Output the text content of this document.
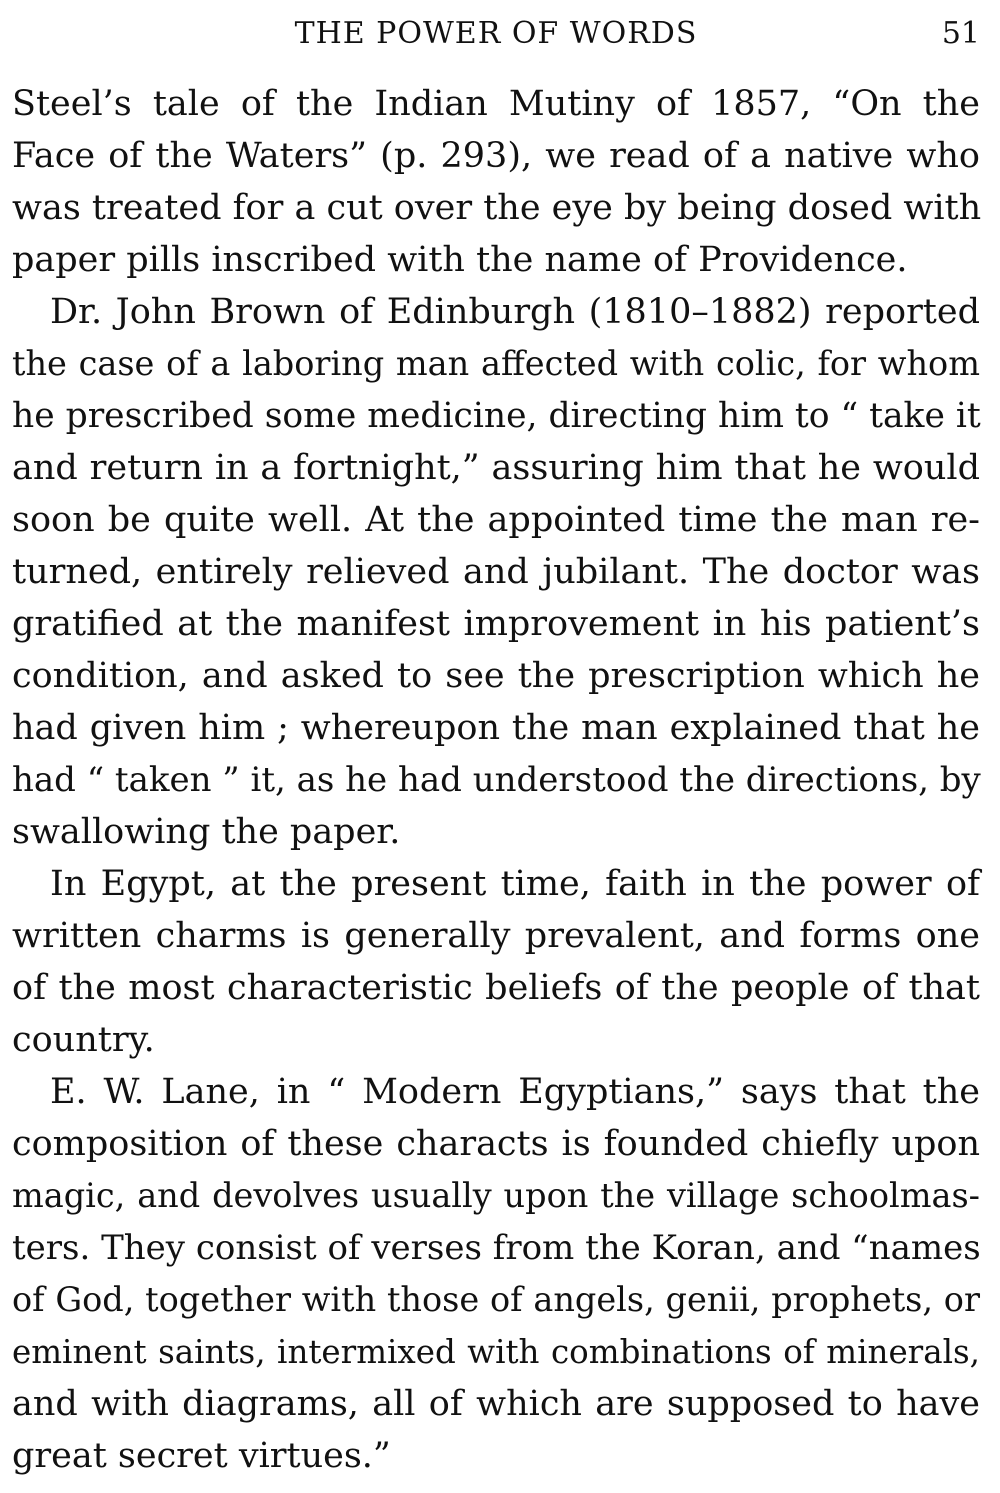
THE POWER OF WORDS	51
Steel’s tale of the Indian Mutiny of 1857, “On the
Face of the Waters” (p. 293), we read of a native who
was treated for a cut over the eye by being dosed with
paper pills inscribed with the name of Providence.
Dr. John Brown of Edinburgh (1810–1882) reported
the case of a laboring man affected with colic, for whom
he prescribed some medicine, directing him to “ take it
and return in a fortnight,” assuring him that he would
soon be quite well. At the appointed time the man re-
turned, entirely relieved and jubilant. The doctor was
gratified at the manifest improvement in his patient’s
condition, and asked to see the prescription which he
had given him ; whereupon the man explained that he
had “ taken ” it, as he had understood the directions, by
swallowing the paper.
In Egypt, at the present time, faith in the power of
written charms is generally prevalent, and forms one
of the most characteristic beliefs of the people of that
country.
E. W. Lane, in “ Modern Egyptians,” says that the
composition of these characts is founded chiefly upon
magic, and devolves usually upon the village schoolmas-
ters. They consist of verses from the Koran, and “names
of God, together with those of angels, genii, prophets, or
eminent saints, intermixed with combinations of minerals,
and with diagrams, all of which are supposed to have
great secret virtues.”
